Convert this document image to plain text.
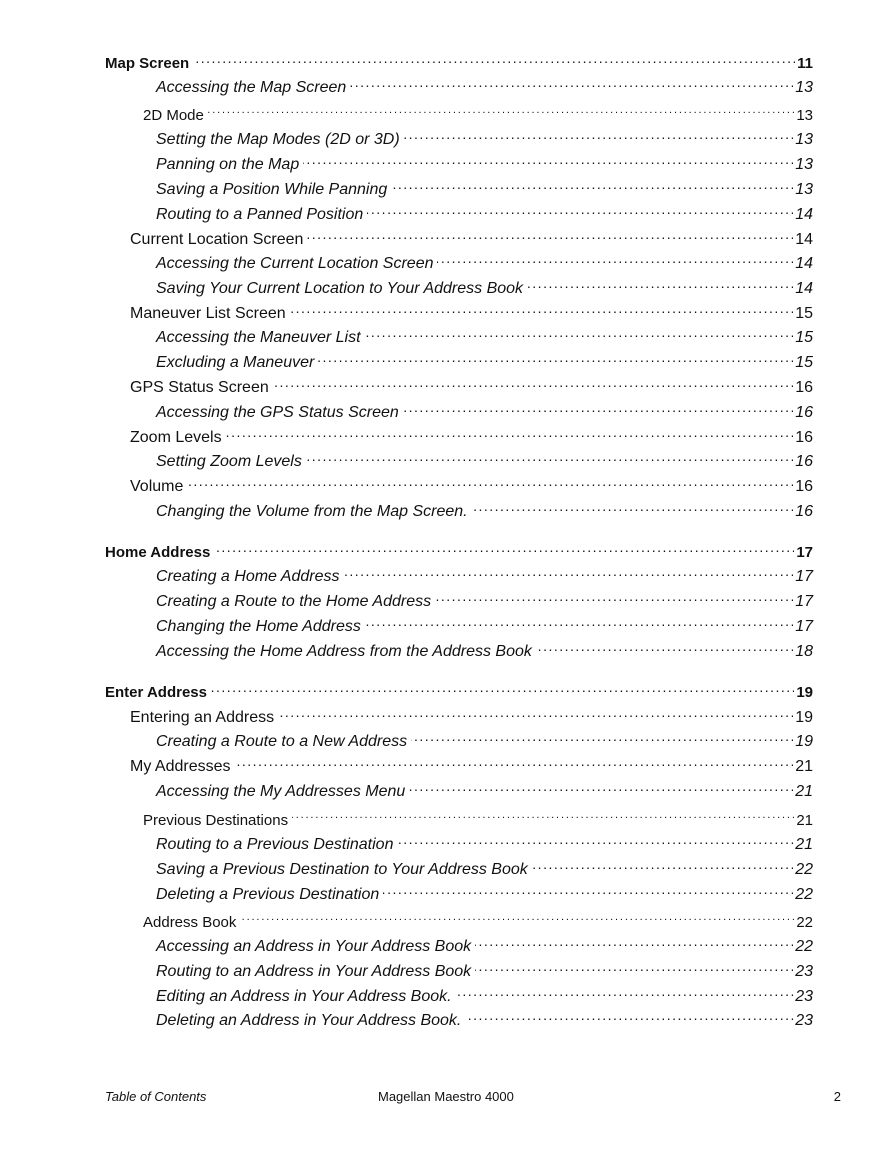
Map Screen . . .	11
Accessing the Map Screen . . .	13
2D Mode . . .	13
Setting the Map Modes (2D or 3D) . . .	13
Panning on the Map . . .	13
Saving a Position While Panning . . .	13
Routing to a Panned Position . . .	14
Current Location Screen . . .	14
Accessing the Current Location Screen . . .	14
Saving Your Current Location to Your Address Book . . .	14
Maneuver List Screen . . .	15
Accessing the Maneuver List . . .	15
Excluding a Maneuver . . .	15
GPS Status Screen . . .	16
Accessing the GPS Status Screen . . .	16
Zoom Levels . . .	16
Setting Zoom Levels . . .	16
Volume . . .	16
Changing the Volume from the Map Screen. . . .	16
Home Address . . .	17
Creating a Home Address . . .	17
Creating a Route to the Home Address . . .	17
Changing the Home Address . . .	17
Accessing the Home Address from the Address Book . . .	18
Enter Address . . .	19
Entering an Address . . .	19
Creating a Route to a New Address . . .	19
My Addresses . . .	21
Accessing the My Addresses Menu . . .	21
Previous Destinations . . .	21
Routing to a Previous Destination . . .	21
Saving a Previous Destination to Your Address Book . . .	22
Deleting a Previous Destination . . .	22
Address Book . . .	22
Accessing an Address in Your Address Book . . .	22
Routing to an Address in Your Address Book . . .	23
Editing an Address in Your Address Book. . . .	23
Deleting an Address in Your Address Book. . . .	23
Table of Contents	Magellan Maestro 4000	2
